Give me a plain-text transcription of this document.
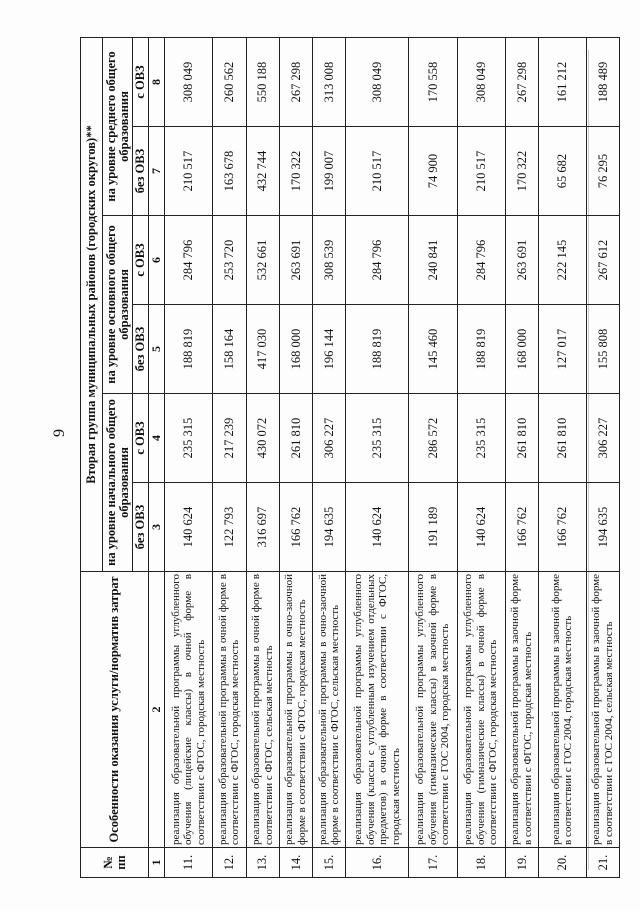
9
№ пп	Особенности оказания услуги/норматив затрат	Вторая группа муниципальных районов (городских округов)**					
		на уровне начального общего образования		на уровне основного общего образования		на уровне среднего общего образования	
		без ОВЗ	с ОВЗ	без ОВЗ	с ОВЗ	без ОВЗ	с ОВЗ
1	2	3	4	5	6	7	8
11.	реализация образовательной программы углубленного обучения (лицейские классы) в очной форме в соответствии с ФГОС, городская местность	140 624	235 315	188 819	284 796	210 517	308 049
12.	реализация образовательной программы в очной форме в соответствии с ФГОС, городская местность	122 793	217 239	158 164	253 720	163 678	260 562
13.	реализация образовательной программы в очной форме в соответствии с ФГОС, сельская местность	316 697	430 072	417 030	532 661	432 744	550 188
14.	реализация образовательной программы в очно-заочной форме в соответствии с ФГОС, городская местность	166 762	261 810	168 000	263 691	170 322	267 298
15.	реализация образовательной программы в очно-заочной форме в соответствии с ФГОС, сельская местность	194 635	306 227	196 144	308 539	199 007	313 008
16.	реализация образовательной программы углубленного обучения (классы с углубленным изучением отдельных предметов) в очной форме в соответствии с ФГОС, городская местность	140 624	235 315	188 819	284 796	210 517	308 049
17.	реализация образовательной программы углубленного обучения (гимназические классы) в заочной форме в соответствии с ГОС 2004, городская местность	191 189	286 572	145 460	240 841	74 900	170 558
18.	реализация образовательной программы углубленного обучения (гимназические классы) в очной форме в соответствии с ФГОС, городская местность	140 624	235 315	188 819	284 796	210 517	308 049
19.	реализация образовательной программы в заочной форме в соответствии с ФГОС, городская местность	166 762	261 810	168 000	263 691	170 322	267 298
20.	реализация образовательной программы в заочной форме в соответствии с ГОС 2004, городская местность	166 762	261 810	127 017	222 145	65 682	161 212
21.	реализация образовательной программы в заочной форме в соответствии с ГОС 2004, сельская местность	194 635	306 227	155 808	267 612	76 295	188 489
